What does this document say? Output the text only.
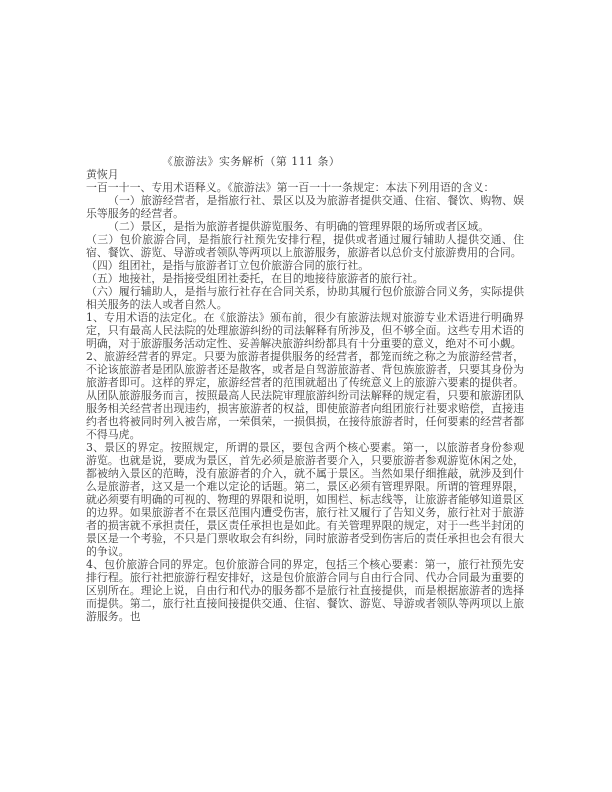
《旅游法》实务解析（第 111 条）

黄恢月

一百一十一、专用术语释义。《旅游法》第一百一十一条规定：本法下列用语的含义：

（一）旅游经营者，是指旅行社、景区以及为旅游者提供交通、住宿、餐饮、购物、娱乐等服务的经营者。

（二）景区，是指为旅游者提供游览服务、有明确的管理界限的场所或者区域。

（三）包价旅游合同，是指旅行社预先安排行程，提供或者通过履行辅助人提供交通、住宿、餐饮、游览、导游或者领队等两项以上旅游服务，旅游者以总价支付旅游费用的合同。

（四）组团社，是指与旅游者订立包价旅游合同的旅行社。

（五）地接社，是指接受组团社委托，在目的地接待旅游者的旅行社。

（六）履行辅助人，是指与旅行社存在合同关系，协助其履行包价旅游合同义务，实际提供相关服务的法人或者自然人。

1、专用术语的法定化。在《旅游法》颁布前，很少有旅游法规对旅游专业术语进行明确界定，只有最高人民法院的处理旅游纠纷的司法解释有所涉及，但不够全面。这些专用术语的明确，对于旅游服务活动定性、妥善解决旅游纠纷都具有十分重要的意义，绝对不可小觑。

2、旅游经营者的界定。只要为旅游者提供服务的经营者，都笼而统之称之为旅游经营者，不论该旅游者是团队旅游者还是散客，或者是自驾游旅游者、背包族旅游者，只要其身份为旅游者即可。这样的界定，旅游经营者的范围就超出了传统意义上的旅游六要素的提供者。从团队旅游服务而言，按照最高人民法院审理旅游纠纷司法解释的规定看，只要和旅游团队服务相关经营者出现违约，损害旅游者的权益，即使旅游者向组团旅行社要求赔偿，直接违约者也将被同时列入被告席，一荣俱荣，一损俱损，在接待旅游者时，任何要素的经营者都不得马虎。

3、景区的界定。按照规定，所谓的景区，要包含两个核心要素。第一，以旅游者身份参观游览。也就是说，要成为景区，首先必须是旅游者要介入，只要旅游者参观游览休闲之处，都被纳入景区的范畴，没有旅游者的介入，就不属于景区。当然如果仔细推敲，就涉及到什么是旅游者，这又是一个难以定论的话题。第二，景区必须有管理界限。所谓的管理界限，就必须要有明确的可视的、物理的界限和说明，如围栏、标志线等，让旅游者能够知道景区的边界。如果旅游者不在景区范围内遭受伤害，旅行社又履行了告知义务，旅行社对于旅游者的损害就不承担责任，景区责任承担也是如此。有关管理界限的规定，对于一些半封闭的景区是一个考验，不只是门票收取会有纠纷，同时旅游者受到伤害后的责任承担也会有很大的争议。

4、包价旅游合同的界定。包价旅游合同的界定，包括三个核心要素：第一，旅行社预先安排行程。旅行社把旅游行程安排好，这是包价旅游合同与自由行合同、代办合同最为重要的区别所在。理论上说，自由行和代办的服务都不是旅行社直接提供，而是根据旅游者的选择而提供。第二，旅行社直接间接提供交通、住宿、餐饮、游览、导游或者领队等两项以上旅游服务。也
